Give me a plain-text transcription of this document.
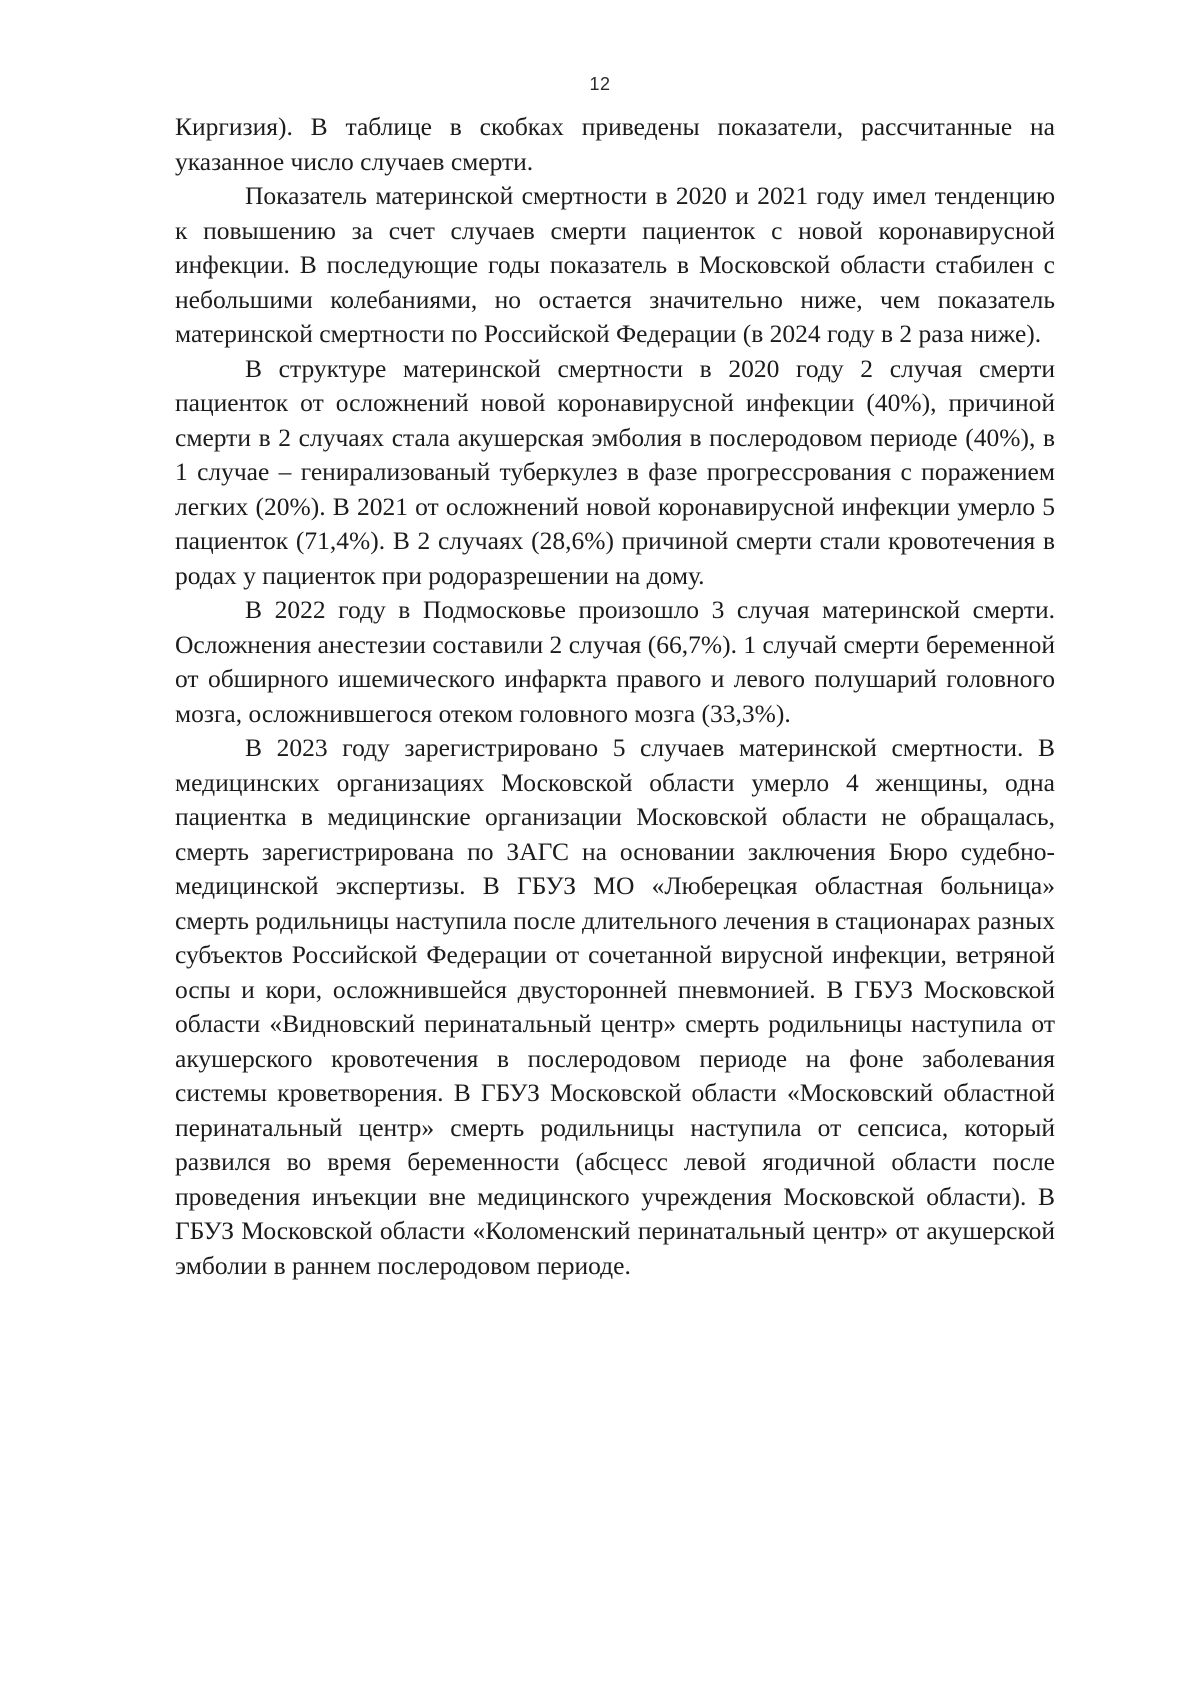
12

Киргизия). В таблице в скобках приведены показатели, рассчитанные на указанное число случаев смерти.

Показатель материнской смертности в 2020 и 2021 году имел тенденцию к повышению за счет случаев смерти пациенток с новой коронавирусной инфекции. В последующие годы показатель в Московской области стабилен с небольшими колебаниями, но остается значительно ниже, чем показатель материнской смертности по Российской Федерации (в 2024 году в 2 раза ниже).

В структуре материнской смертности в 2020 году 2 случая смерти пациенток от осложнений новой коронавирусной инфекции (40%), причиной смерти в 2 случаях стала акушерская эмболия в послеродовом периоде (40%), в 1 случае – генирализованый туберкулез в фазе прогрессрования с поражением легких (20%). В 2021 от осложнений новой коронавирусной инфекции умерло 5 пациенток (71,4%). В 2 случаях (28,6%) причиной смерти стали кровотечения в родах у пациенток при родоразрешении на дому.

В 2022 году в Подмосковье произошло 3 случая материнской смерти. Осложнения анестезии составили 2 случая (66,7%). 1 случай смерти беременной от обширного ишемического инфаркта правого и левого полушарий головного мозга, осложнившегося отеком головного мозга (33,3%).

В 2023 году зарегистрировано 5 случаев материнской смертности. В медицинских организациях Московской области умерло 4 женщины, одна пациентка в медицинские организации Московской области не обращалась, смерть зарегистрирована по ЗАГС на основании заключения Бюро судебно-медицинской экспертизы. В ГБУЗ МО «Люберецкая областная больница» смерть родильницы наступила после длительного лечения в стационарах разных субъектов Российской Федерации от сочетанной вирусной инфекции, ветряной оспы и кори, осложнившейся двусторонней пневмонией. В ГБУЗ Московской области «Видновский перинатальный центр» смерть родильницы наступила от акушерского кровотечения в послеродовом периоде на фоне заболевания системы кроветворения. В ГБУЗ Московской области «Московский областной перинатальный центр» смерть родильницы наступила от сепсиса, который развился во время беременности (абсцесс левой ягодичной области после проведения инъекции вне медицинского учреждения Московской области). В ГБУЗ Московской области «Коломенский перинатальный центр» от акушерской эмболии в раннем послеродовом периоде.
